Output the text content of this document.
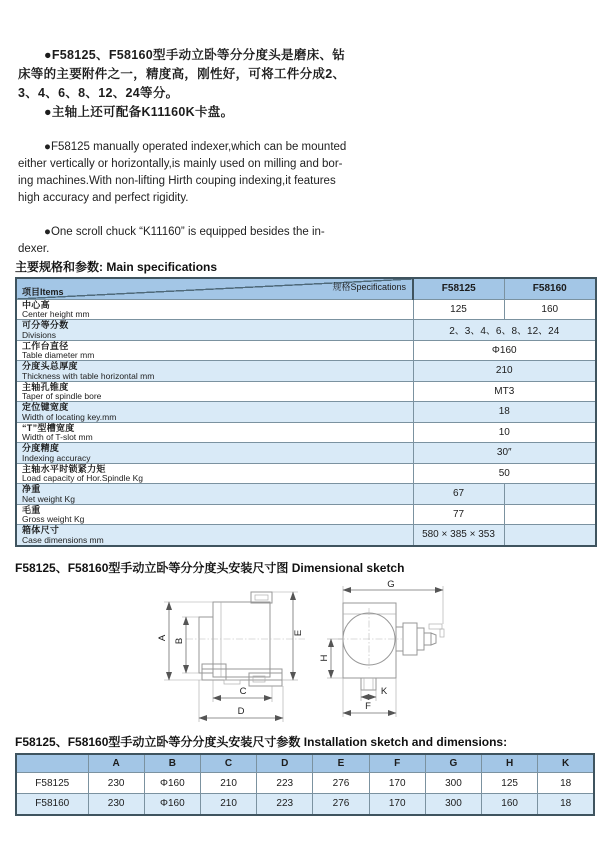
●F58125、F58160型手动立卧等分分度头是磨床、钻
床等的主要附件之一，精度高，刚性好，可将工件分成2、
3、4、6、8、12、24等分。
●主轴上还可配备K11160K卡盘。
●F58125 manually operated indexer,which can be mounted
either vertically or horizontally,is mainly used on milling and bor-
ing machines.With non-lifting Hirth couping indexing,it features
high accuracy and perfect rigidity.
●One scroll chuck “K11160” is equipped besides the in-
dexer.
主要规格和参数: Main specifications
项目Items 规格Specifications	F58125	F58160

中心高
Center height mm	125	160

可分等分数
Divisions	2、3、4、6、8、12、24	

工作台直径
Table diameter mm	Φ160	

分度头总厚度
Thickness with table horizontal mm	210	

主轴孔锥度
Taper of spindle bore	MT3	

定位键宽度
Width of locating key.mm	18	

“T”型槽宽度
Width of T-slot mm	10	

分度精度
Indexing accuracy	30″	

主轴水平时锁紧力矩
Load capacity of Hor.Spindle Kg	50	

净重
Net weight Kg	67	

毛重
Gross weight Kg	77	

箱体尺寸
Case dimensions mm	580 × 385 × 353	
F58125、F58160型手动立卧等分分度头安装尺寸图 Dimensional sketch
A B
E
C
D
G
H
K
F
F58125、F58160型手动立卧等分分度头安装尺寸参数 Installation sketch and dimensions:
	A	B	C	D	E	F	G	H	K
F58125	230	Φ160	210	223	276	170	300	125	18
F58160	230	Φ160	210	223	276	170	300	160	18
